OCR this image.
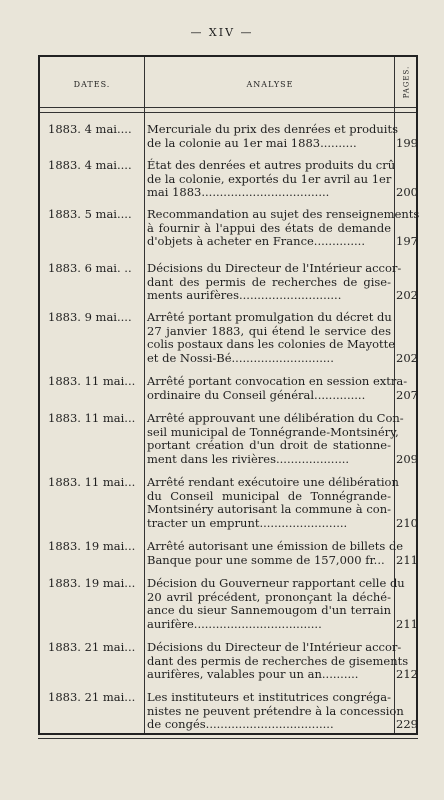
— XIV —
DATES.	ANALYSE	PAGES.
1883. 4 mai....	Mercuriale du prix des denrées et produits
de la colonie au 1er mai 1883..........	199
1883. 4 mai....	État des denrées et autres produits du crû
de la colonie, exportés du 1er avril au 1er
mai 1883...................................	200
1883. 5 mai....	Recommandation au sujet des renseignements
à fournir à l'appui des états de demande
d'objets à acheter en France..............	197
1883. 6 mai. ..	Décisions du Directeur de l'Intérieur accor-
dant des permis de recherches de gise-
ments aurifères............................	202
1883. 9 mai....	Arrêté portant promulgation du décret du
27 janvier 1883, qui étend le service des
colis postaux dans les colonies de Mayotte
et de Nossi-Bé............................	202
1883. 11 mai...	Arrêté portant convocation en session extra-
ordinaire du Conseil général..............	207
1883. 11 mai...	Arrêté approuvant une délibération du Con-
seil municipal de Tonnégrande-Montsinéry,
portant création d'un droit de stationne-
ment dans les rivières....................	209
1883. 11 mai...	Arrêté rendant exécutoire une délibération
du Conseil municipal de Tonnégrande-
Montsinéry autorisant la commune à con-
tracter un emprunt........................	210
1883. 19 mai...	Arrêté autorisant une émission de billets de
Banque pour une somme de 157,000 fr... 211
1883. 19 mai...	Décision du Gouverneur rapportant celle du
20 avril précédent, prononçant la déché-
ance du sieur Sannemougom d'un terrain
aurifère...................................	211
1883. 21 mai...	Décisions du Directeur de l'Intérieur accor-
dant des permis de recherches de gisements
aurifères, valables pour un an..........	212
1883. 21 mai...	Les instituteurs et institutrices congréga-
nistes ne peuvent prétendre à la concession
de congés...................................	229
